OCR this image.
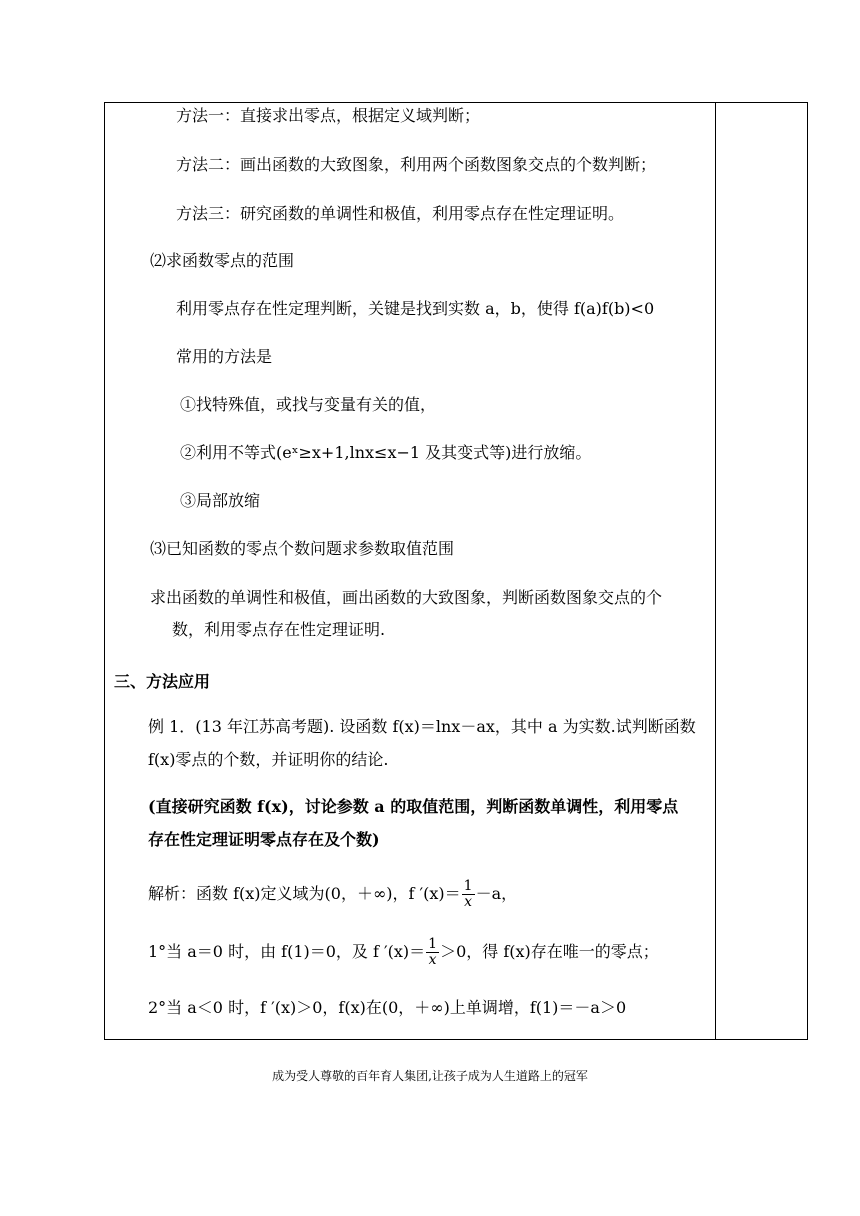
方法一：直接求出零点，根据定义域判断；
方法二：画出函数的大致图象，利用两个函数图象交点的个数判断；
方法三：研究函数的单调性和极值，利用零点存在性定理证明。
⑵求函数零点的范围
利用零点存在性定理判断，关键是找到实数 a，b，使得 f(a)f(b)<0
常用的方法是
①找特殊值，或找与变量有关的值，
②利用不等式(eˣ≥x+1,lnx≤x−1 及其变式等)进行放缩。
③局部放缩
⑶已知函数的零点个数问题求参数取值范围
求出函数的单调性和极值，画出函数的大致图象，判断函数图象交点的个
数，利用零点存在性定理证明.
三、方法应用
例 1．(13 年江苏高考题). 设函数 f(x)＝lnx－ax，其中 a 为实数.试判断函数
f(x)零点的个数，并证明你的结论.
(直接研究函数 f(x)，讨论参数 a 的取值范围，判断函数单调性，利用零点
存在性定理证明零点存在及个数)
解析：函数 f(x)定义域为(0，＋∞)，f $'(x)= \frac{1}{x} -a$，
1°当 a＝0 时，由 f(1)＝0，及 f $'(x)= \frac{1}{x} >0$，得 f(x)存在唯一的零点；
2°当 a＜0 时，f ′(x)＞0，f(x)在(0，＋∞)上单调增，f(1)＝－a＞0
成为受人尊敬的百年育人集团,让孩子成为人生道路上的冠军
